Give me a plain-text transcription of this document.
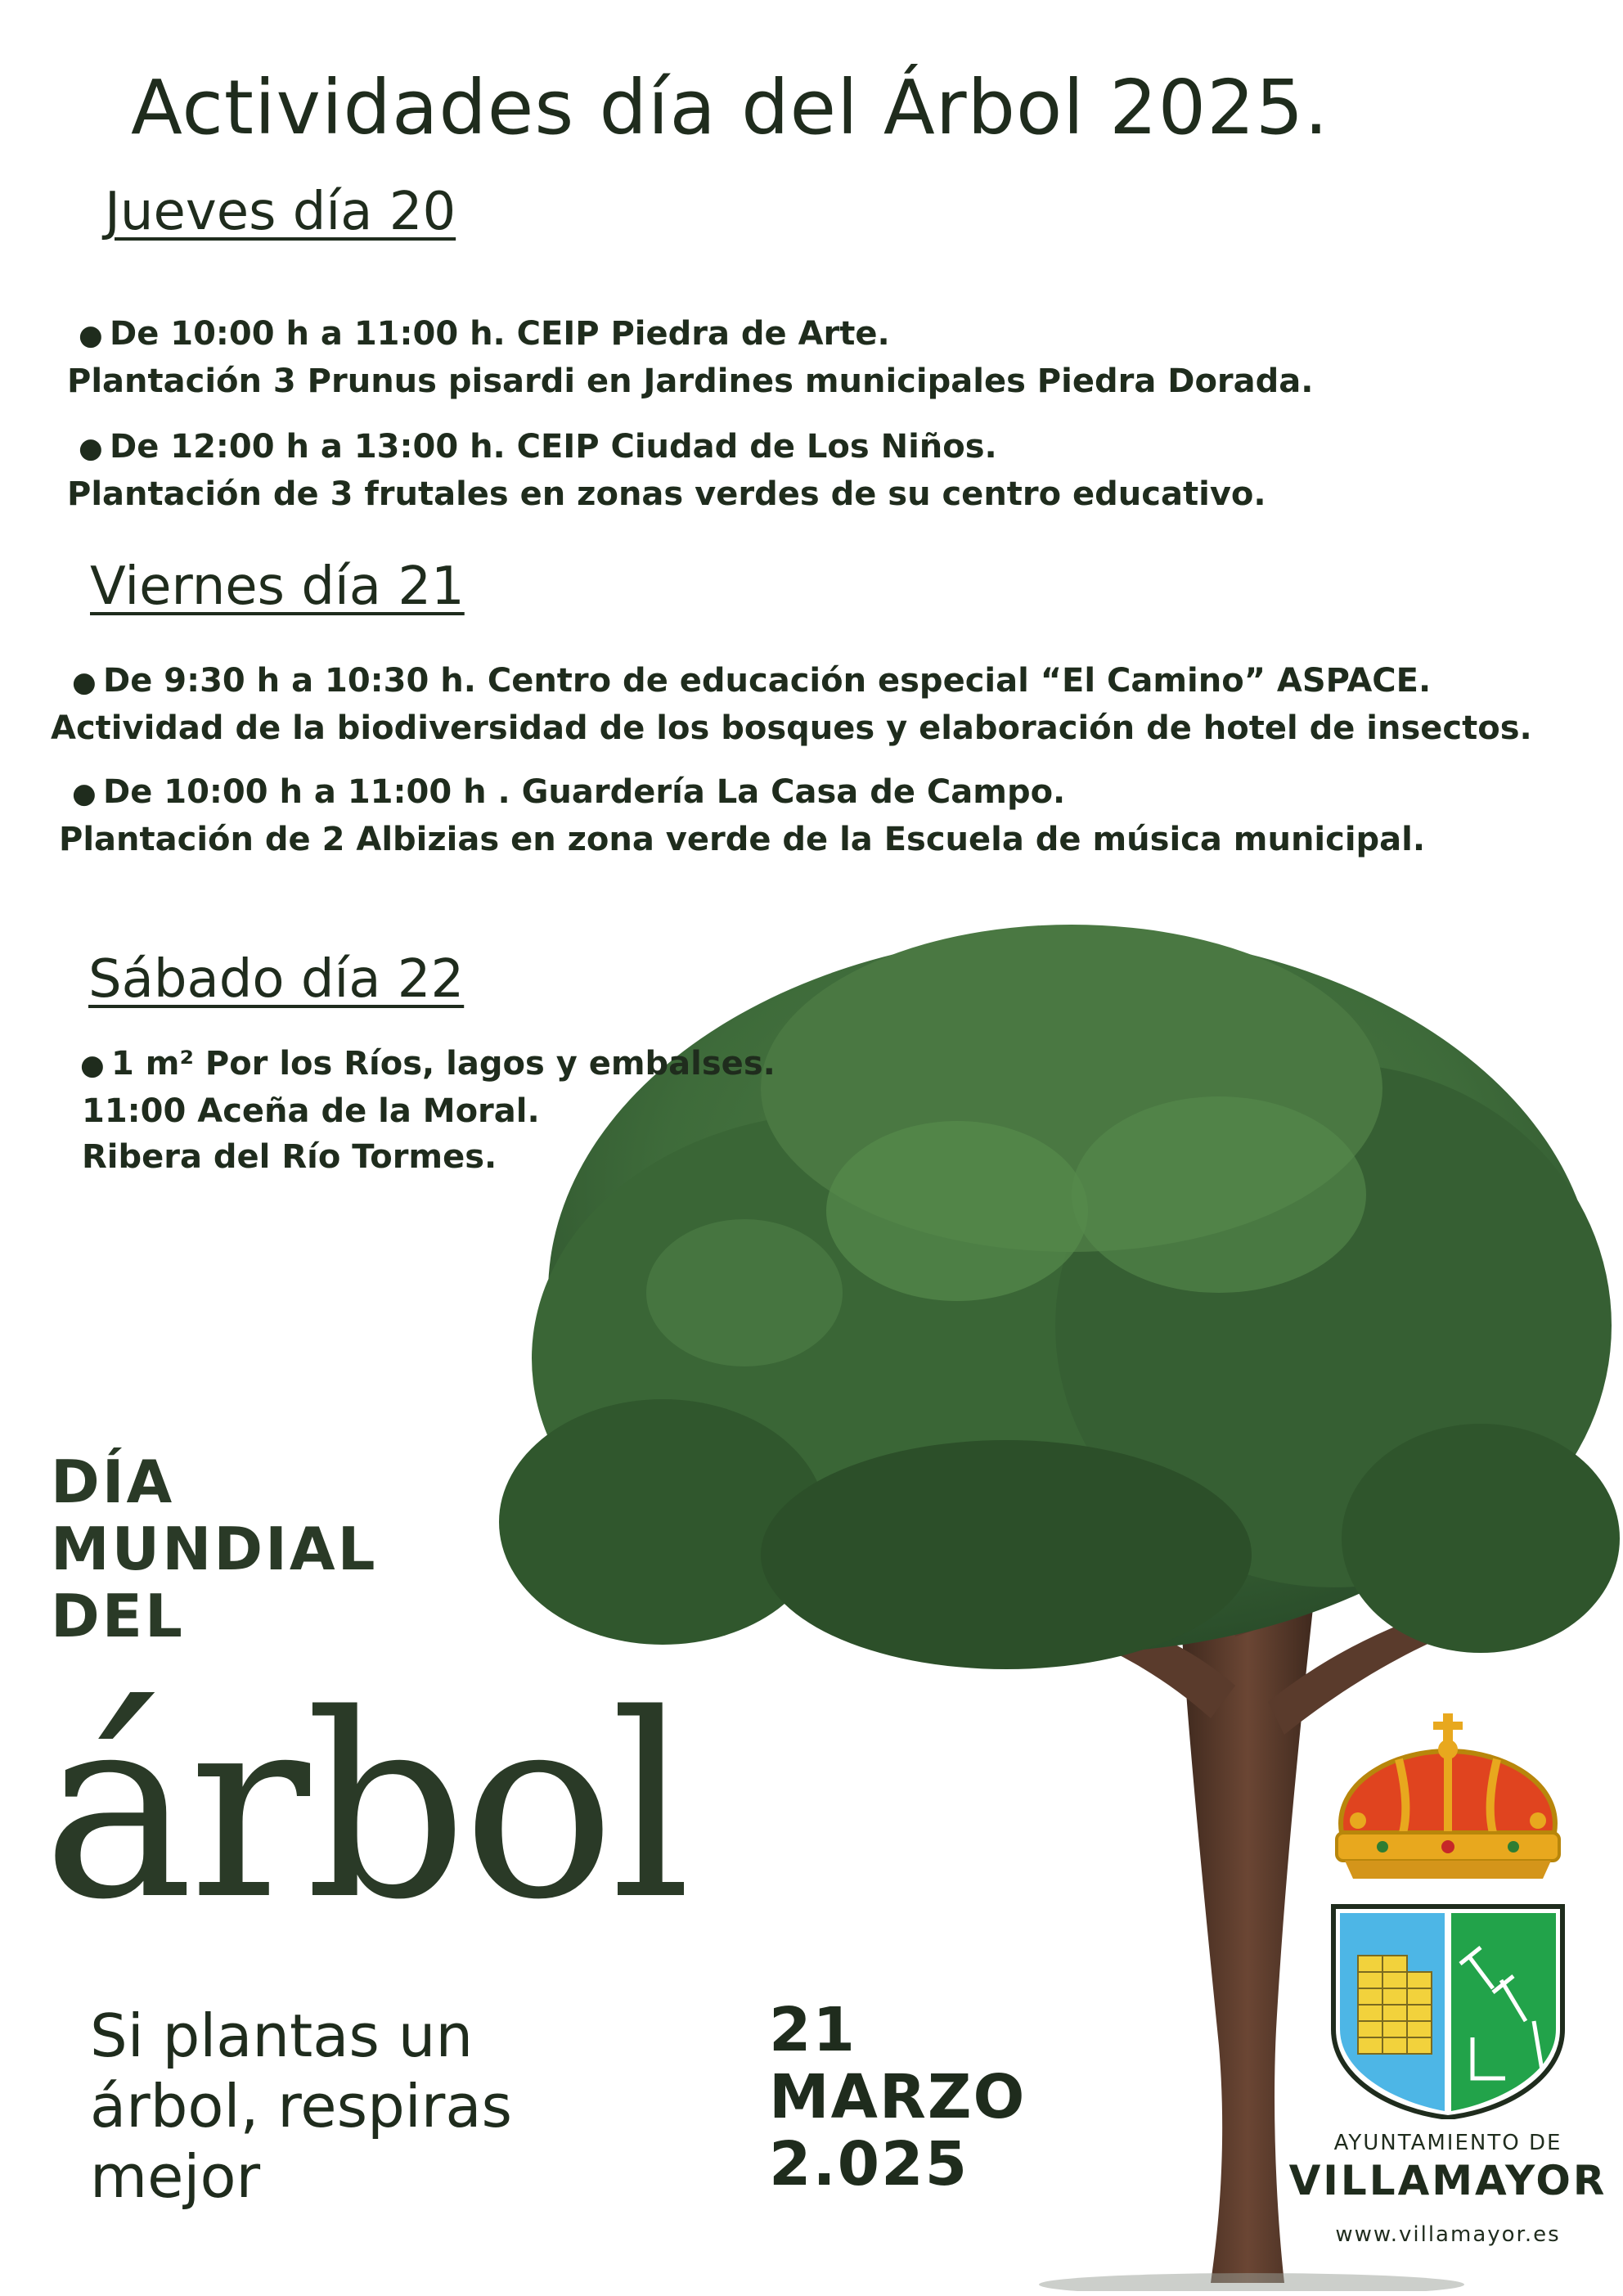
Actividades día del Árbol 2025.
Jueves día 20
● De 10:00 h a 11:00 h. CEIP Piedra de Arte.
Plantación 3 Prunus pisardi en Jardines municipales Piedra Dorada.
● De 12:00 h a 13:00 h. CEIP Ciudad de Los Niños.
Plantación de 3 frutales en zonas verdes de su centro educativo.
Viernes día 21
● De 9:30 h a 10:30 h. Centro de educación especial “El Camino” ASPACE.
Actividad de la biodiversidad de los bosques y elaboración de hotel de insectos.
● De 10:00 h a 11:00 h . Guardería La Casa de Campo.
Plantación de 2 Albizias en zona verde de la Escuela de música municipal.
Sábado día 22
● 1 m² Por los Ríos, lagos y embalses.
11:00 Aceña de la Moral.
Ribera del Río Tormes.
DÍA
MUNDIAL
DEL
árbol
Si plantas un
árbol, respiras
mejor
21
MARZO
2.025	AYUNTAMIENTO DE
VILLAMAYOR
www.villamayor.es
